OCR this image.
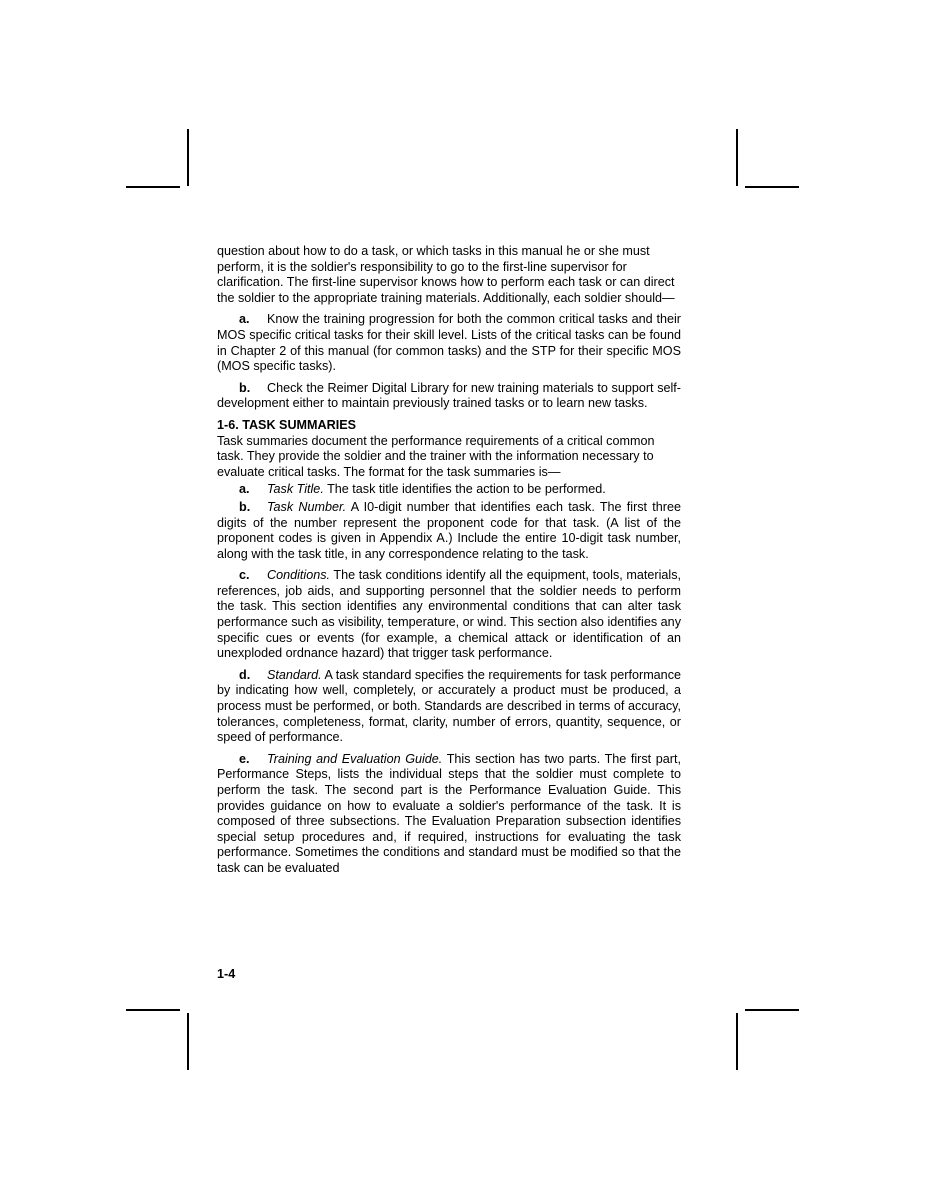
question about how to do a task, or which tasks in this manual he or she must perform, it is the soldier's responsibility to go to the first-line supervisor for clarification. The first-line supervisor knows how to perform each task or can direct the soldier to the appropriate training materials. Additionally, each soldier should—

a. Know the training progression for both the common critical tasks and their MOS specific critical tasks for their skill level. Lists of the critical tasks can be found in Chapter 2 of this manual (for common tasks) and the STP for their specific MOS (MOS specific tasks).

b. Check the Reimer Digital Library for new training materials to support self-development either to maintain previously trained tasks or to learn new tasks.

1-6. TASK SUMMARIES

Task summaries document the performance requirements of a critical common task. They provide the soldier and the trainer with the information necessary to evaluate critical tasks. The format for the task summaries is—

a. Task Title. The task title identifies the action to be performed.

b. Task Number. A I0-digit number that identifies each task. The first three digits of the number represent the proponent code for that task. (A list of the proponent codes is given in Appendix A.) Include the entire 10-digit task number, along with the task title, in any correspondence relating to the task.

c. Conditions. The task conditions identify all the equipment, tools, materials, references, job aids, and supporting personnel that the soldier needs to perform the task. This section identifies any environmental conditions that can alter task performance such as visibility, temperature, or wind. This section also identifies any specific cues or events (for example, a chemical attack or identification of an unexploded ordnance hazard) that trigger task performance.

d. Standard. A task standard specifies the requirements for task performance by indicating how well, completely, or accurately a product must be produced, a process must be performed, or both. Standards are described in terms of accuracy, tolerances, completeness, format, clarity, number of errors, quantity, sequence, or speed of performance.

e. Training and Evaluation Guide. This section has two parts. The first part, Performance Steps, lists the individual steps that the soldier must complete to perform the task. The second part is the Performance Evaluation Guide. This provides guidance on how to evaluate a soldier's performance of the task. It is composed of three subsections. The Evaluation Preparation subsection identifies special setup procedures and, if required, instructions for evaluating the task performance. Sometimes the conditions and standard must be modified so that the task can be evaluated

1-4
